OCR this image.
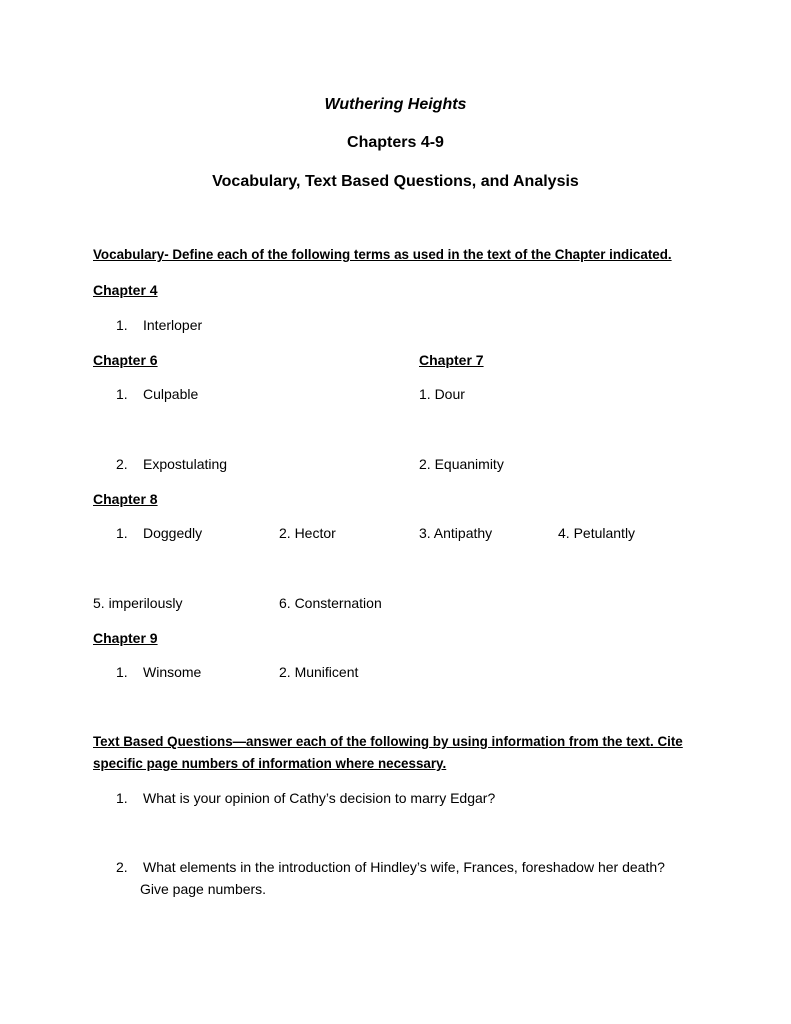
Wuthering Heights
Chapters 4-9
Vocabulary, Text Based Questions, and Analysis
Vocabulary- Define each of the following terms as used in the text of the Chapter indicated.
Chapter 4
1. Interloper
Chapter 6	Chapter 7
1. Culpable	1. Dour
2. Expostulating	2. Equanimity
Chapter 8
1. Doggedly	2. Hector	3. Antipathy	4. Petulantly
5. imperilously	6. Consternation
Chapter 9
1. Winsome	2. Munificent
Text Based Questions—answer each of the following by using information from the text. Cite specific page numbers of information where necessary.
1. What is your opinion of Cathy’s decision to marry Edgar?
2. What elements in the introduction of Hindley’s wife, Frances, foreshadow her death?
Give page numbers.
